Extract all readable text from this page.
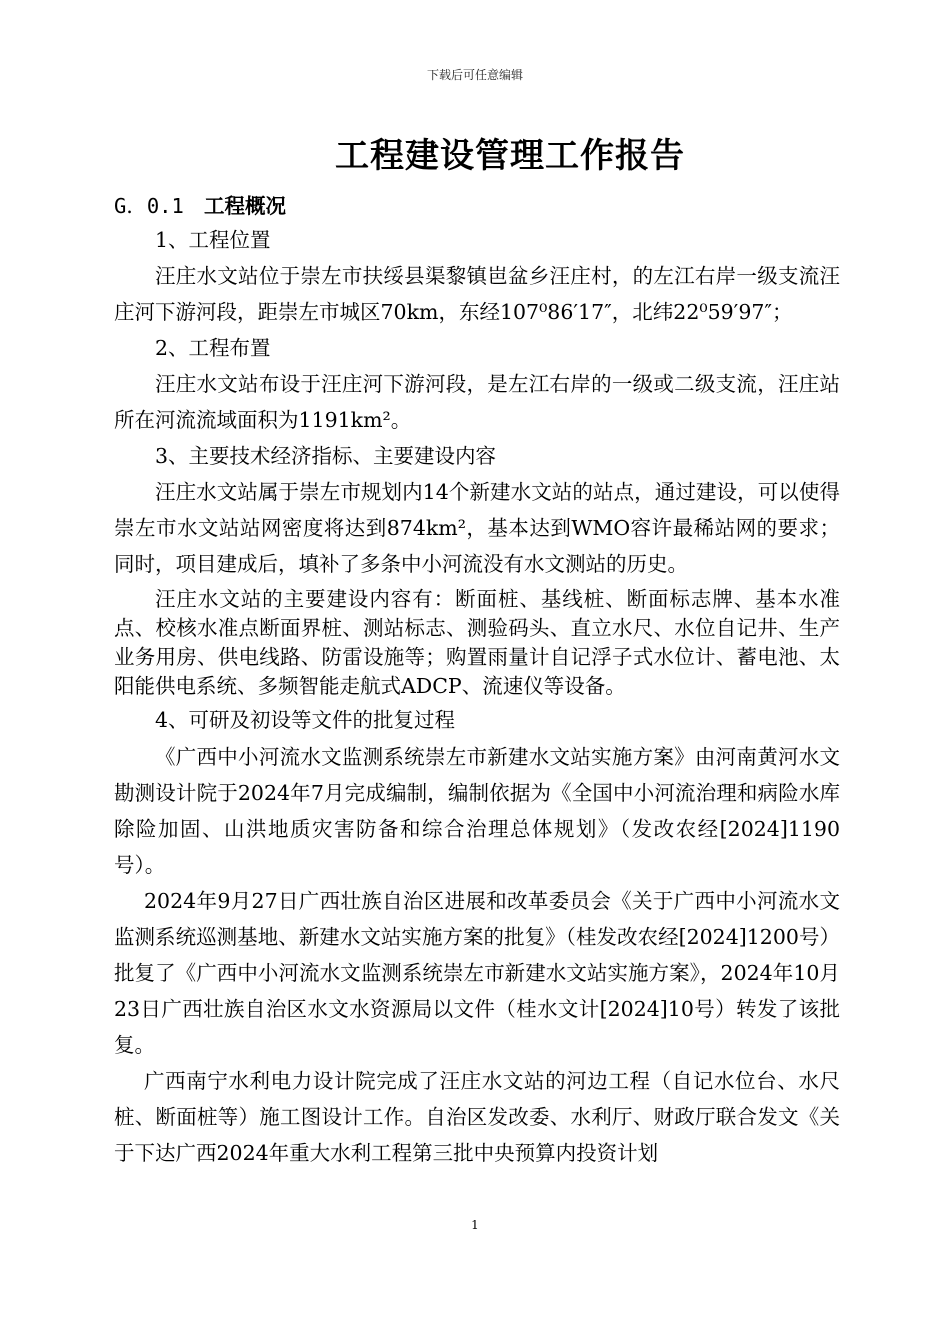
下载后可任意编辑
工程建设管理工作报告
G．0.1 工程概况

1、工程位置

汪庄水文站位于崇左市扶绥县渠黎镇岜盆乡汪庄村，的左江右岸一级支流汪庄河下游河段，距崇左市城区70km，东经107⁰86′17″，北纬22⁰59′97″；

2、工程布置

汪庄水文站布设于汪庄河下游河段，是左江右岸的一级或二级支流，汪庄站所在河流流域面积为1191km²。

3、主要技术经济指标、主要建设内容

汪庄水文站属于崇左市规划内14个新建水文站的站点，通过建设，可以使得崇左市水文站站网密度将达到874km²，基本达到WMO容许最稀站网的要求；同时，项目建成后，填补了多条中小河流没有水文测站的历史。

汪庄水文站的主要建设内容有：断面桩、基线桩、断面标志牌、基本水准点、校核水准点断面界桩、测站标志、测验码头、直立水尺、水位自记井、生产业务用房、供电线路、防雷设施等；购置雨量计自记浮子式水位计、蓄电池、太阳能供电系统、多频智能走航式ADCP、流速仪等设备。

4、可研及初设等文件的批复过程

《广西中小河流水文监测系统崇左市新建水文站实施方案》由河南黄河水文勘测设计院于2024年7月完成编制，编制依据为《全国中小河流治理和病险水库除险加固、山洪地质灾害防备和综合治理总体规划》（发改农经[2024]1190号）。

2024年9月27日广西壮族自治区进展和改革委员会《关于广西中小河流水文监测系统巡测基地、新建水文站实施方案的批复》（桂发改农经[2024]1200号）批复了《广西中小河流水文监测系统崇左市新建水文站实施方案》，2024年10月23日广西壮族自治区水文水资源局以文件（桂水文计[2024]10号）转发了该批复。

广西南宁水利电力设计院完成了汪庄水文站的河边工程（自记水位台、水尺桩、断面桩等）施工图设计工作。自治区发改委、水利厅、财政厅联合发文《关于下达广西2024年重大水利工程第三批中央预算内投资计划

1
